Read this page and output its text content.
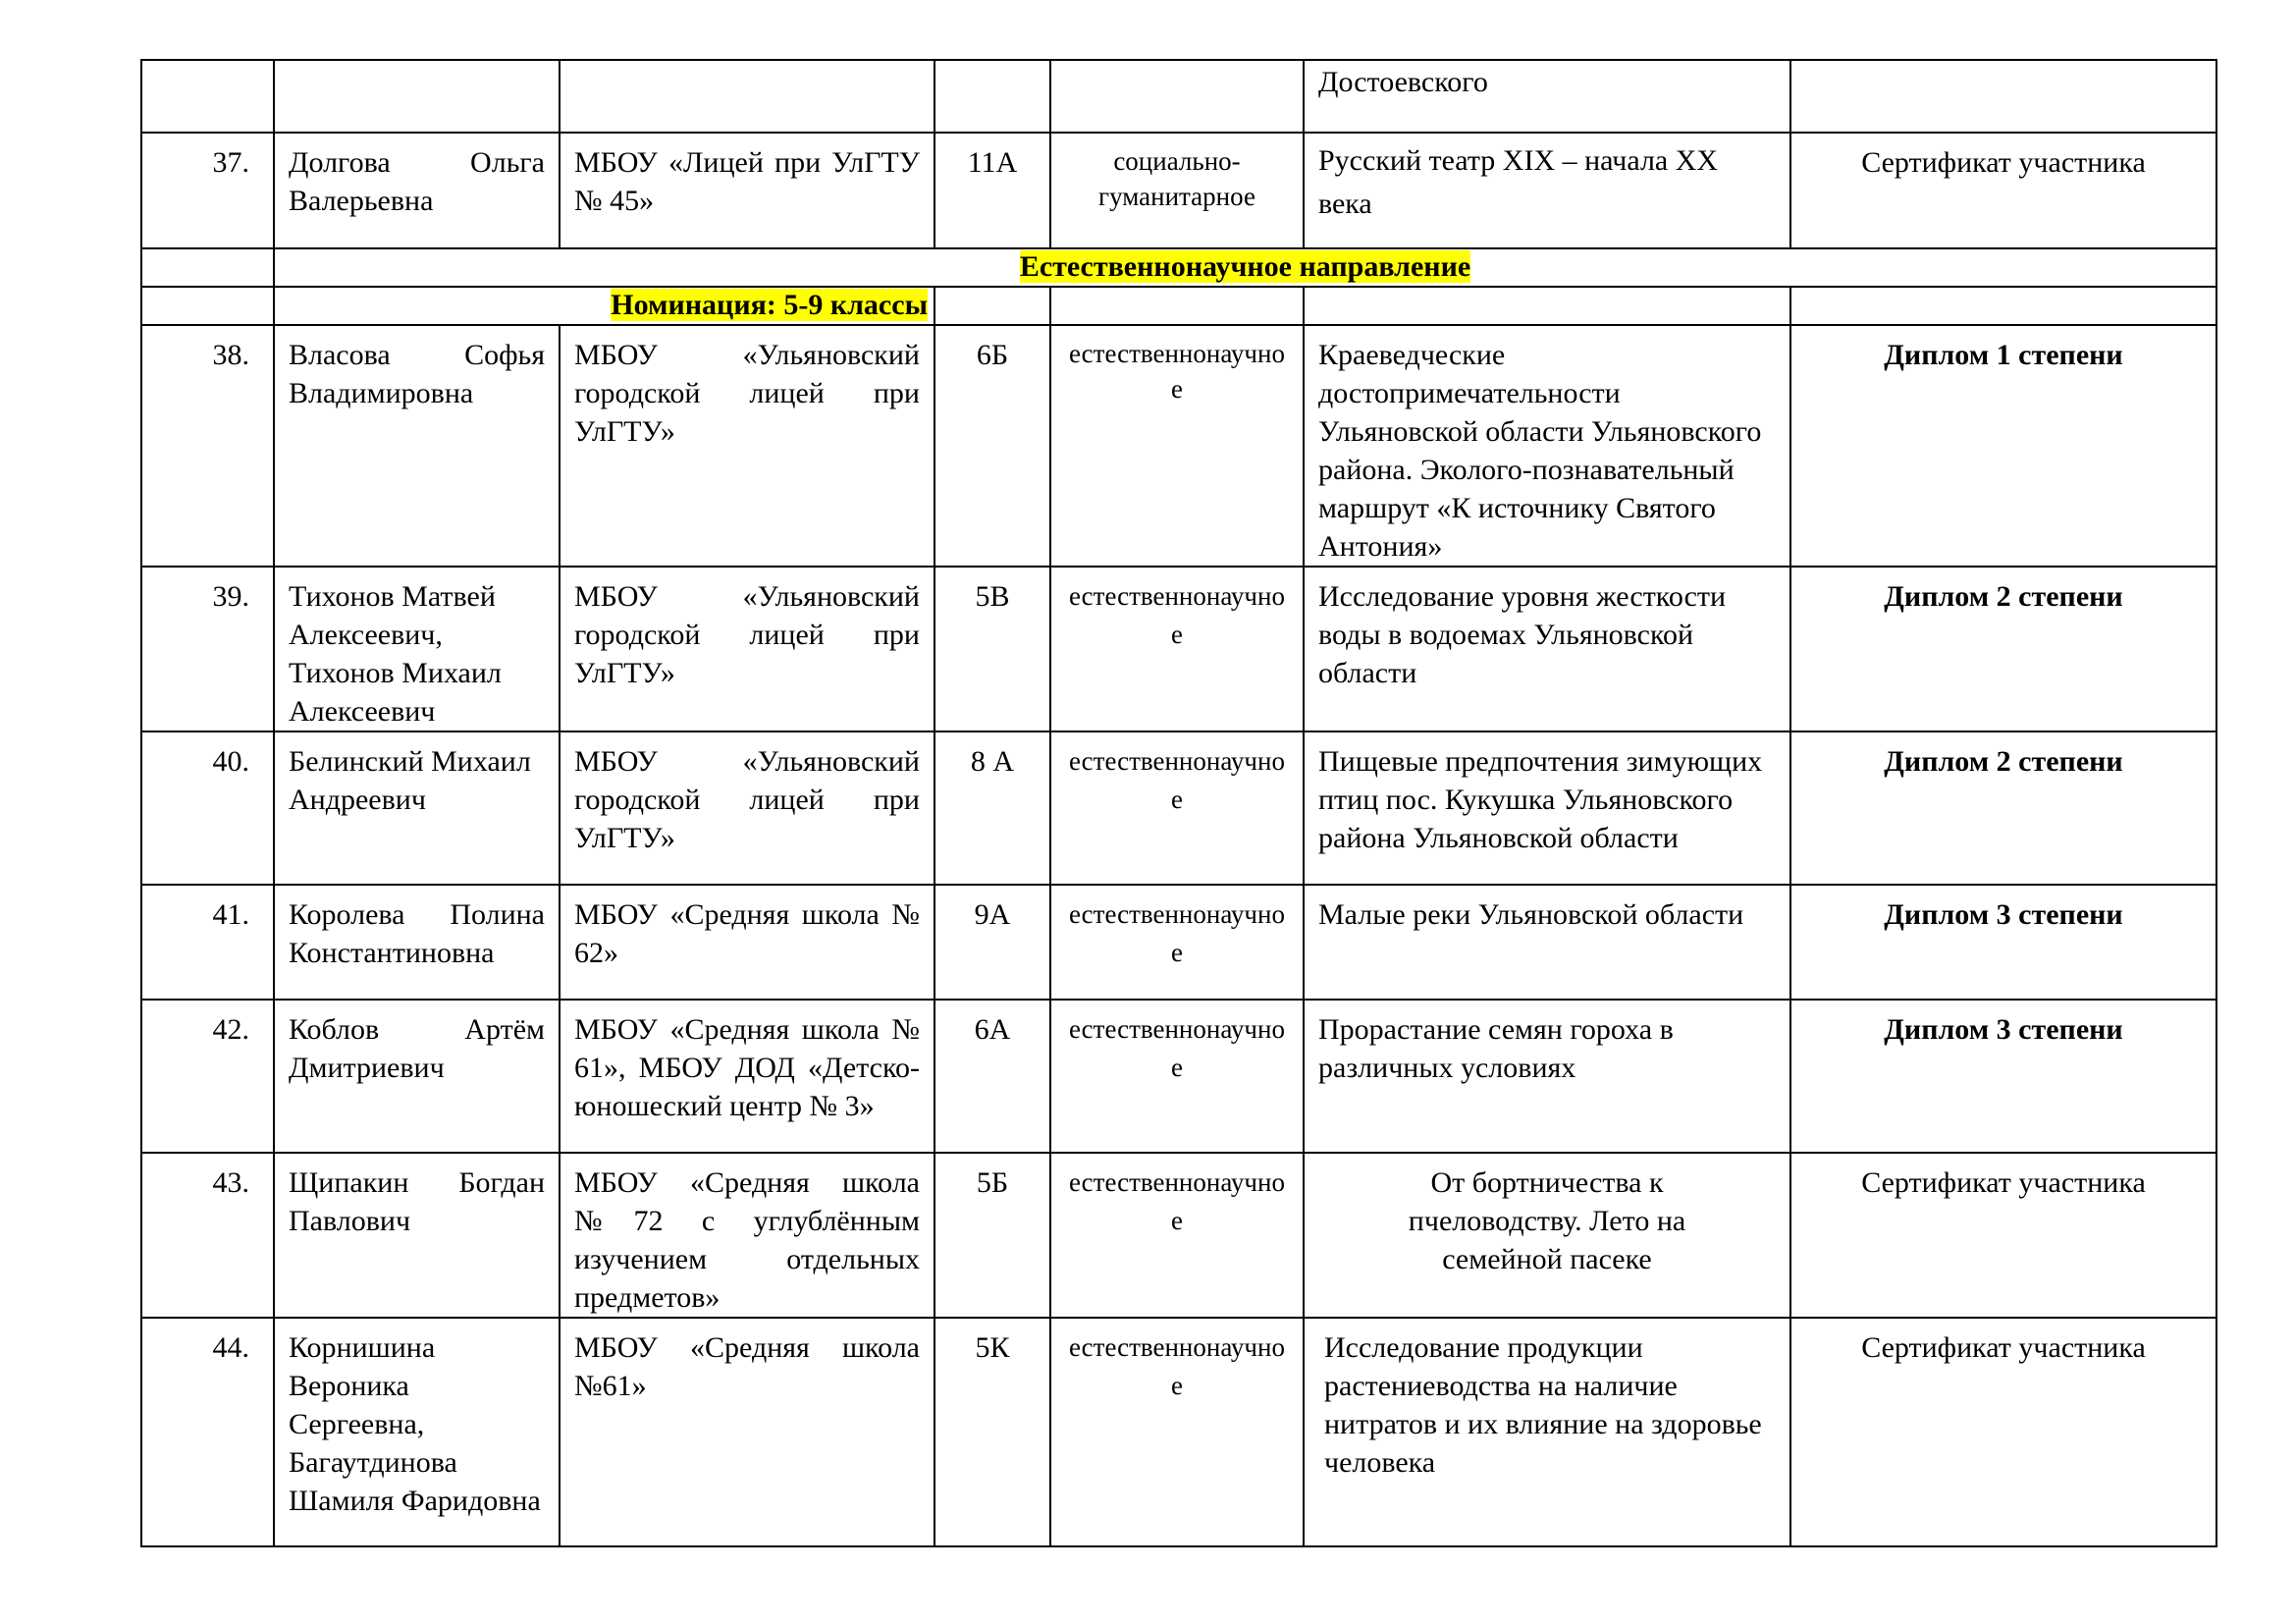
					Достоевского	
37.	Долгова Ольга Валерьевна	МБОУ «Лицей при УлГТУ № 45»	11А	социально-гуманитарное	Русский театр XIX – начала XX века	Сертификат участника
	Естественнонаучное направление					
	Номинация: 5-9 классы					
38.	Власова Софья Владимировна	МБОУ «Ульяновский городской лицей при УлГТУ»	6Б	естественнонаучное	Краеведческие достопримечательности Ульяновской области Ульяновского района. Эколого-познавательный маршрут «К источнику Святого Антония»	Диплом 1 степени
39.	Тихонов Матвей Алексеевич, Тихонов Михаил Алексеевич	МБОУ «Ульяновский городской лицей при УлГТУ»	5В	естественнонаучное	Исследование уровня жесткости воды в водоемах Ульяновской области	Диплом 2 степени
40.	Белинский Михаил Андреевич	МБОУ «Ульяновский городской лицей при УлГТУ»	8 А	естественнонаучное	Пищевые предпочтения зимующих птиц пос. Кукушка Ульяновского района Ульяновской области	Диплом 2 степени
41.	Королева Полина Константиновна	МБОУ «Средняя школа № 62»	9А	естественнонаучное	Малые реки Ульяновской области	Диплом 3 степени
42.	Коблов Артём Дмитриевич	МБОУ «Средняя школа № 61», МБОУ ДОД «Детско-юношеский центр № 3»	6А	естественнонаучное	Прорастание семян гороха в различных условиях	Диплом 3 степени
43.	Щипакин Богдан Павлович	МБОУ «Средняя школа №72 с углублённым изучением отдельных предметов»	5Б	естественнонаучное	От бортничества к пчеловодству. Лето на семейной пасеке	Сертификат участника
44.	Корнишина Вероника Сергеевна, Багаутдинова Шамиля Фаридовна	МБОУ «Средняя школа №61»	5К	естественнонаучное	Исследование продукции растениеводства на наличие нитратов и их влияние на здоровье человека	Сертификат участника
